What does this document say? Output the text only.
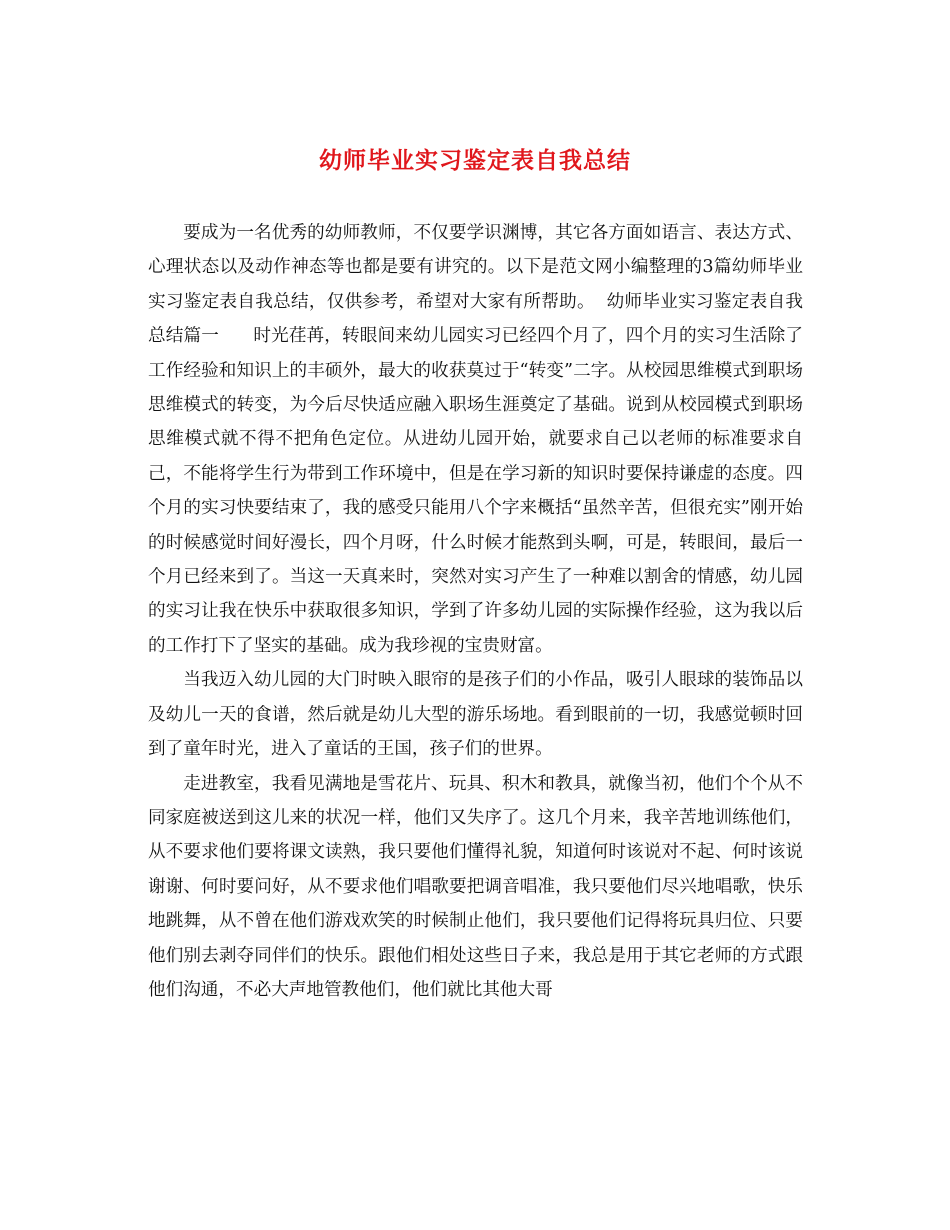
幼师毕业实习鉴定表自我总结

要成为一名优秀的幼师教师，不仅要学识渊博，其它各方面如语言、表达方式、心理状态以及动作神态等也都是要有讲究的。以下是范文网小编整理的3篇幼师毕业实习鉴定表自我总结，仅供参考，希望对大家有所帮助。  幼师毕业实习鉴定表自我总结篇一      时光荏苒，转眼间来幼儿园实习已经四个月了，四个月的实习生活除了工作经验和知识上的丰硕外，最大的收获莫过于“转变”二字。从校园思维模式到职场思维模式的转变，为今后尽快适应融入职场生涯奠定了基础。说到从校园模式到职场思维模式就不得不把角色定位。从进幼儿园开始，就要求自己以老师的标准要求自己，不能将学生行为带到工作环境中，但是在学习新的知识时要保持谦虚的态度。四个月的实习快要结束了，我的感受只能用八个字来概括“虽然辛苦，但很充实”刚开始的时候感觉时间好漫长，四个月呀，什么时候才能熬到头啊，可是，转眼间，最后一个月已经来到了。当这一天真来时，突然对实习产生了一种难以割舍的情感，幼儿园的实习让我在快乐中获取很多知识，学到了许多幼儿园的实际操作经验，这为我以后的工作打下了坚实的基础。成为我珍视的宝贵财富。

当我迈入幼儿园的大门时映入眼帘的是孩子们的小作品，吸引人眼球的装饰品以及幼儿一天的食谱，然后就是幼儿大型的游乐场地。看到眼前的一切，我感觉顿时回到了童年时光，进入了童话的王国，孩子们的世界。

走进教室，我看见满地是雪花片、玩具、积木和教具，就像当初，他们个个从不同家庭被送到这儿来的状况一样，他们又失序了。这几个月来，我辛苦地训练他们，从不要求他们要将课文读熟，我只要他们懂得礼貌，知道何时该说对不起、何时该说谢谢、何时要问好，从不要求他们唱歌要把调音唱准，我只要他们尽兴地唱歌，快乐地跳舞，从不曾在他们游戏欢笑的时候制止他们，我只要他们记得将玩具归位、只要他们别去剥夺同伴们的快乐。跟他们相处这些日子来，我总是用于其它老师的方式跟他们沟通，不必大声地管教他们，他们就比其他大哥
